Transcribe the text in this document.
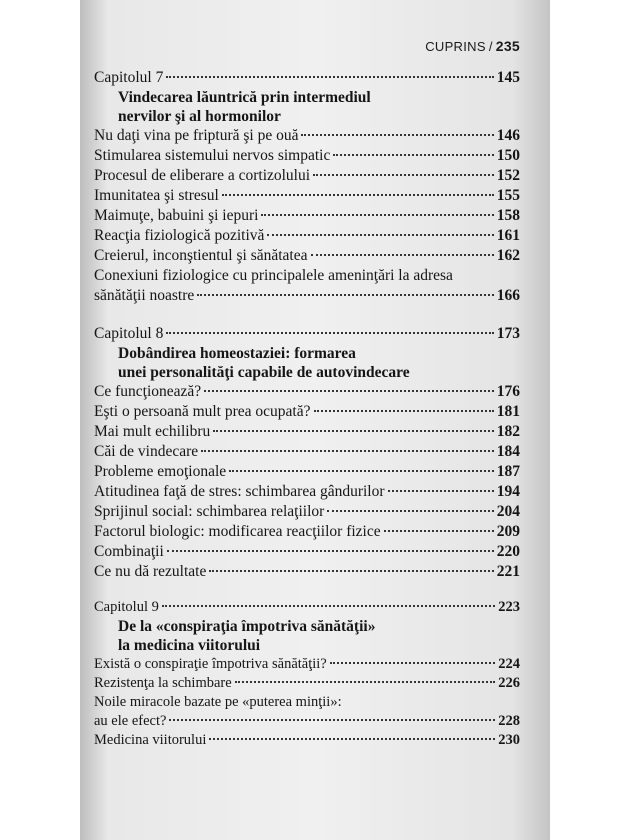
CUPRINS / 235
Capitolul 7	145
Vindecarea lăuntrică prin intermediul
nervilor şi al hormonilor
Nu daţi vina pe friptură şi pe ouă	146
Stimularea sistemului nervos simpatic	150
Procesul de eliberare a cortizolului	152
Imunitatea şi stresul	155
Maimuţe, babuini şi iepuri	158
Reacţia fiziologică pozitivă	161
Creierul, inconştientul şi sănătatea	162
Conexiuni fiziologice cu principalele ameninţări la adresa
sănătăţii noastre	166
Capitolul 8	173
Dobândirea homeostaziei: formarea
unei personalităţi capabile de autovindecare
Ce funcţionează?	176
Eşti o persoană mult prea ocupată?	181
Mai mult echilibru	182
Căi de vindecare	184
Probleme emoţionale	187
Atitudinea faţă de stres: schimbarea gândurilor	194
Sprijinul social: schimbarea relaţiilor	204
Factorul biologic: modificarea reacţiilor fizice	209
Combinaţii	220
Ce nu dă rezultate	221
Capitolul 9	223
De la «conspiraţia împotriva sănătăţii»
la medicina viitorului
Există o conspiraţie împotriva sănătăţii?	224
Rezistenţa la schimbare	226
Noile miracole bazate pe «puterea minţii»:
au ele efect?	228
Medicina viitorului	230
